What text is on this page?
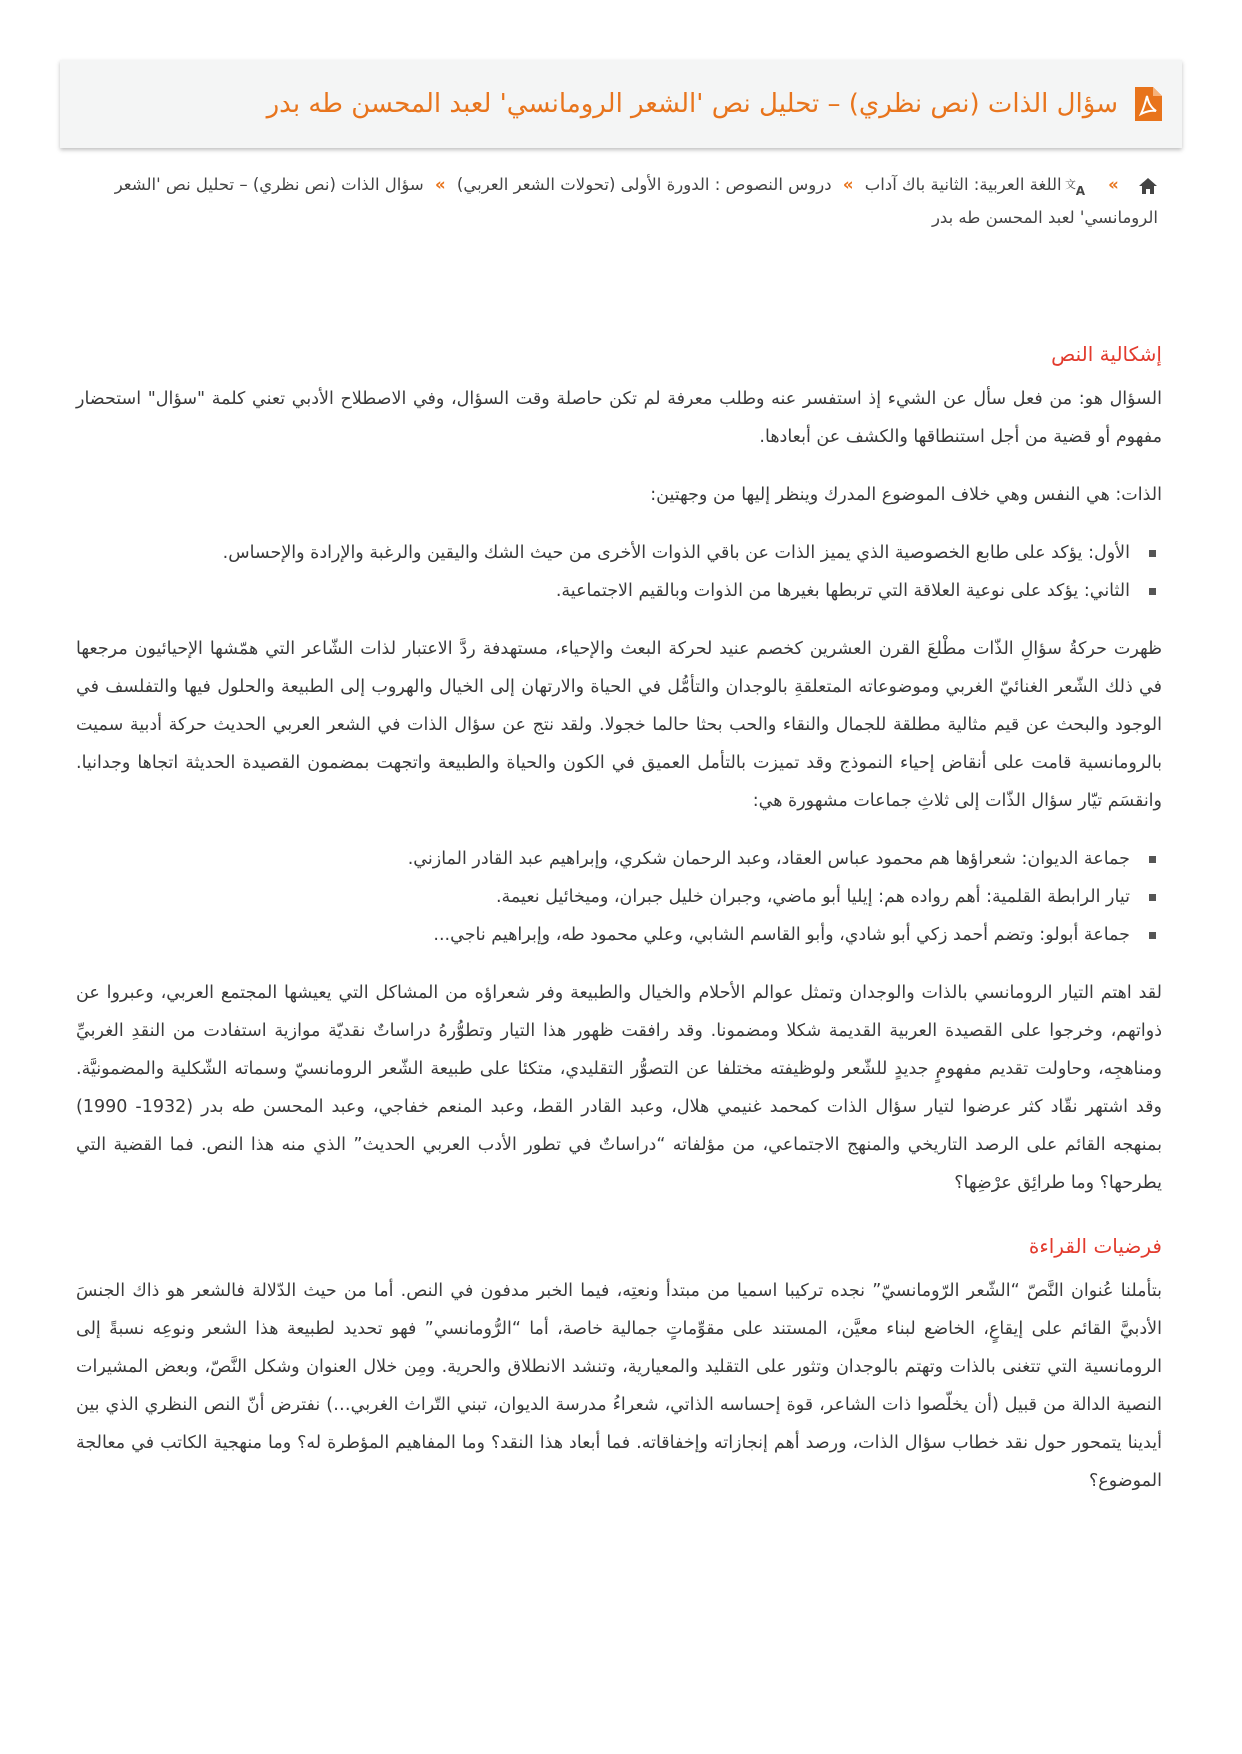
سؤال الذات (نص نظري) – تحليل نص 'الشعر الرومانسي' لعبد المحسن طه بدر
»
文 A
اللغة العربية: الثانية باك آداب » دروس النصوص : الدورة الأولى (تحولات الشعر العربي) » سؤال الذات (نص نظري) – تحليل نص 'الشعر الرومانسي' لعبد المحسن طه بدر
إشكالية النص

السؤال هو: من فعل سأل عن الشيء إذ استفسر عنه وطلب معرفة لم تكن حاصلة وقت السؤال، وفي الاصطلاح الأدبي تعني كلمة "سؤال" استحضار مفهوم أو قضية من أجل استنطاقها والكشف عن أبعادها.

الذات: هي النفس وهي خلاف الموضوع المدرك وينظر إليها من وجهتين:

الأول: يؤكد على طابع الخصوصية الذي يميز الذات عن باقي الذوات الأخرى من حيث الشك واليقين والرغبة والإرادة والإحساس.
الثاني: يؤكد على نوعية العلاقة التي تربطها بغيرها من الذوات وبالقيم الاجتماعية.

ظهرت حركةُ سؤالِ الذّات مطْلعَ القرن العشرين كخصم عنيد لحركة البعث والإحياء، مستهدفة ردَّ الاعتبار لذات الشّاعر التي همّشها الإحيائيون مرجعها في ذلك الشّعر الغنائيّ الغربي وموضوعاته المتعلقةِ بالوجدان والتأمُّل في الحياة والارتهان إلى الخيال والهروب إلى الطبيعة والحلول فيها والتفلسف في الوجود والبحث عن قيم مثالية مطلقة للجمال والنقاء والحب بحثا حالما خجولا. ولقد نتج عن سؤال الذات في الشعر العربي الحديث حركة أدبية سميت بالرومانسية قامت على أنقاض إحياء النموذج وقد تميزت بالتأمل العميق في الكون والحياة والطبيعة واتجهت بمضمون القصيدة الحديثة اتجاها وجدانيا. وانقسَم تيّار سؤال الذّات إلى ثلاثِ جماعات مشهورة هي:

جماعة الديوان: شعراؤها هم محمود عباس العقاد، وعبد الرحمان شكري، وإبراهيم عبد القادر المازني.
تيار الرابطة القلمية: أهم رواده هم: إيليا أبو ماضي، وجبران خليل جبران، وميخائيل نعيمة.
جماعة أبولو: وتضم أحمد زكي أبو شادي، وأبو القاسم الشابي، وعلي محمود طه، وإبراهيم ناجي...

لقد اهتم التيار الرومانسي بالذات والوجدان وتمثل عوالم الأحلام والخيال والطبيعة وفر شعراؤه من المشاكل التي يعيشها المجتمع العربي، وعبروا عن ذواتهم، وخرجوا على القصيدة العربية القديمة شكلا ومضمونا. وقد رافقت ظهور هذا التيار وتطوُّرهُ دراساتٌ نقديّة موازية استفادت من النقدِ الغربيِّ ومناهجِه، وحاولت تقديم مفهومٍ جديدٍ للشّعر ولوظيفته مختلفا عن التصوُّر التقليدي، متكئا على طبيعة الشّعر الرومانسيّ وسماته الشّكلية والمضمونيَّة. وقد اشتهر نقّاد كثر عرضوا لتيار سؤال الذات كمحمد غنيمي هلال، وعبد القادر القط، وعبد المنعم خفاجي، وعبد المحسن طه بدر (1932- 1990) بمنهجه القائم على الرصد التاريخي والمنهج الاجتماعي، من مؤلفاته “دراساتٌ في تطور الأدب العربي الحديث” الذي منه هذا النص. فما القضية التي يطرحها؟ وما طرائِق عرْضِها؟

فرضيات القراءة

بتأملنا عُنوان النَّصّ “الشّعر الرّومانسيّ” نجده تركيبا اسميا من مبتدأ ونعتِه، فيما الخبر مدفون في النص. أما من حيث الدّلالة فالشعر هو ذاك الجنسَ الأدبيَّ القائم على إيقاعٍ، الخاضع لبناء معيَّن، المستند على مقوِّماتٍ جمالية خاصة، أما “الرُّومانسي” فهو تحديد لطبيعة هذا الشعر ونوعِه نسبةً إلى الرومانسية التي تتغنى بالذات وتهتم بالوجدان وتثور على التقليد والمعيارية، وتنشد الانطلاق والحرية. ومِن خلال العنوان وشكل النَّصّ، وبعض المشيرات النصية الدالة من قبيل (أن يخلّصوا ذات الشاعر، قوة إحساسه الذاتي، شعراءُ مدرسة الديوان، تبني التّراث الغربي…) نفترض أنّ النص النظري الذي بين أيدينا يتمحور حول نقد خطاب سؤال الذات، ورصد أهم إنجازاته وإخفاقاته. فما أبعاد هذا النقد؟ وما المفاهيم المؤطرة له؟ وما منهجية الكاتب في معالجة الموضوع؟
